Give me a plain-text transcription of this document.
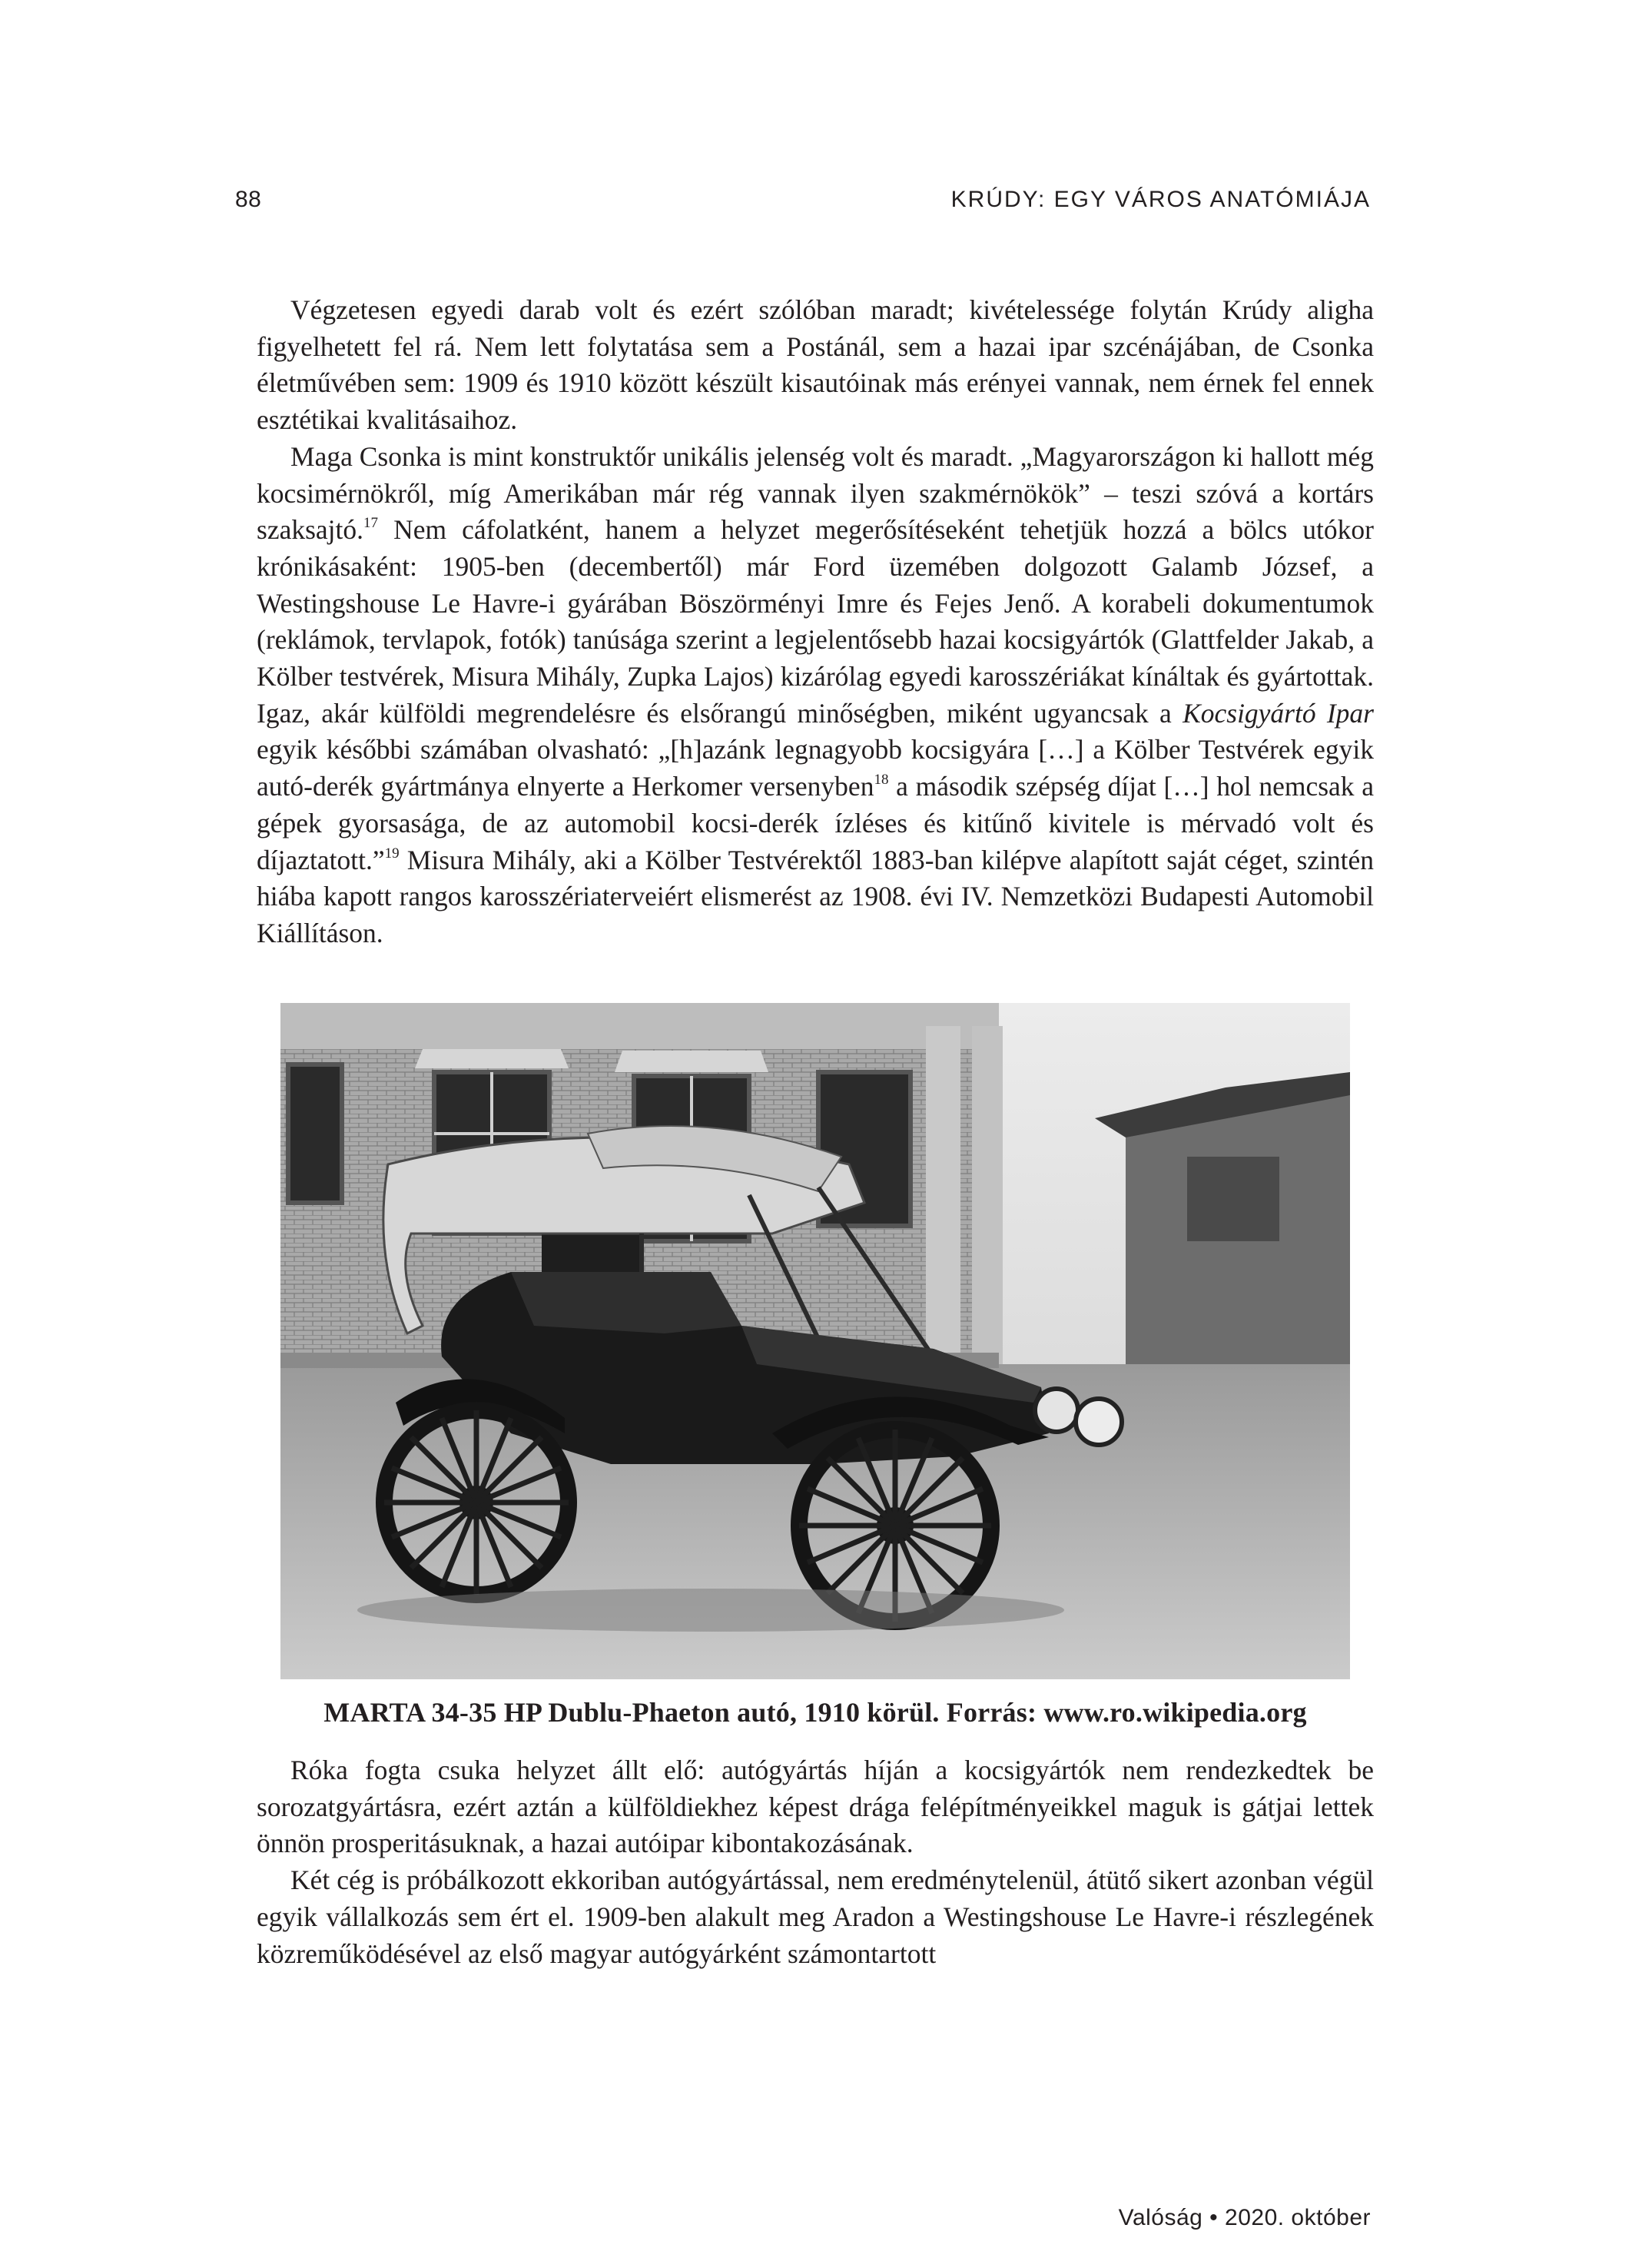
88	KRÚDY: EGY VÁROS ANATÓMIÁJA

Végzetesen egyedi darab volt és ezért szólóban maradt; kivételessége folytán Krúdy aligha figyelhetett fel rá. Nem lett folytatása sem a Postánál, sem a hazai ipar szcénájában, de Csonka életművében sem: 1909 és 1910 között készült kisautóinak más erényei vannak, nem érnek fel ennek esztétikai kvalitásaihoz.

Maga Csonka is mint konstruktőr unikális jelenség volt és maradt. „Magyarországon ki hallott még kocsimérnökről, míg Amerikában már rég vannak ilyen szakmérnökök” – teszi szóvá a kortárs szaksajtó.$^{17}$ Nem cáfolatként, hanem a helyzet megerősítéseként tehetjük hozzá a bölcs utókor krónikásaként: 1905-ben (decembertől) már Ford üzemében dolgozott Galamb József, a Westingshouse Le Havre-i gyárában Böszörményi Imre és Fejes Jenő. A korabeli dokumentumok (reklámok, tervlapok, fotók) tanúsága szerint a legjelentősebb hazai kocsigyártók (Glattfelder Jakab, a Kölber testvérek, Misura Mihály, Zupka Lajos) kizárólag egyedi karosszériákat kínáltak és gyártottak. Igaz, akár külföldi megrendelésre és elsőrangú minőségben, miként ugyancsak a Kocsigyártó Ipar egyik későbbi számában olvasható: „[h]azánk legnagyobb kocsigyára […] a Kölber Testvérek egyik autó-derék gyártmánya elnyerte a Herkomer versenyben$^{18}$ a második szépség díjat […] hol nemcsak a gépek gyorsasága, de az automobil kocsi-derék ízléses és kitűnő kivitele is mérvadó volt és díjaztatott.”$^{19}$ Misura Mihály, aki a Kölber Testvérektől 1883-ban kilépve alapított saját céget, szintén hiába kapott rangos karosszériaterveiért elismerést az 1908. évi IV. Nemzetközi Budapesti Automobil Kiállításon.

MARTA 34-35 HP Dublu-Phaeton autó, 1910 körül. Forrás: www.ro.wikipedia.org

Róka fogta csuka helyzet állt elő: autógyártás híján a kocsigyártók nem rendezkedtek be sorozatgyártásra, ezért aztán a külföldiekhez képest drága felépítményeikkel maguk is gátjai lettek önnön prosperitásuknak, a hazai autóipar kibontakozásának.

Két cég is próbálkozott ekkoriban autógyártással, nem eredménytelenül, átütő sikert azonban végül egyik vállalkozás sem ért el. 1909-ben alakult meg Aradon a Westingshouse Le Havre-i részlegének közreműködésével az első magyar autógyárként számontartott

Valóság • 2020. október
